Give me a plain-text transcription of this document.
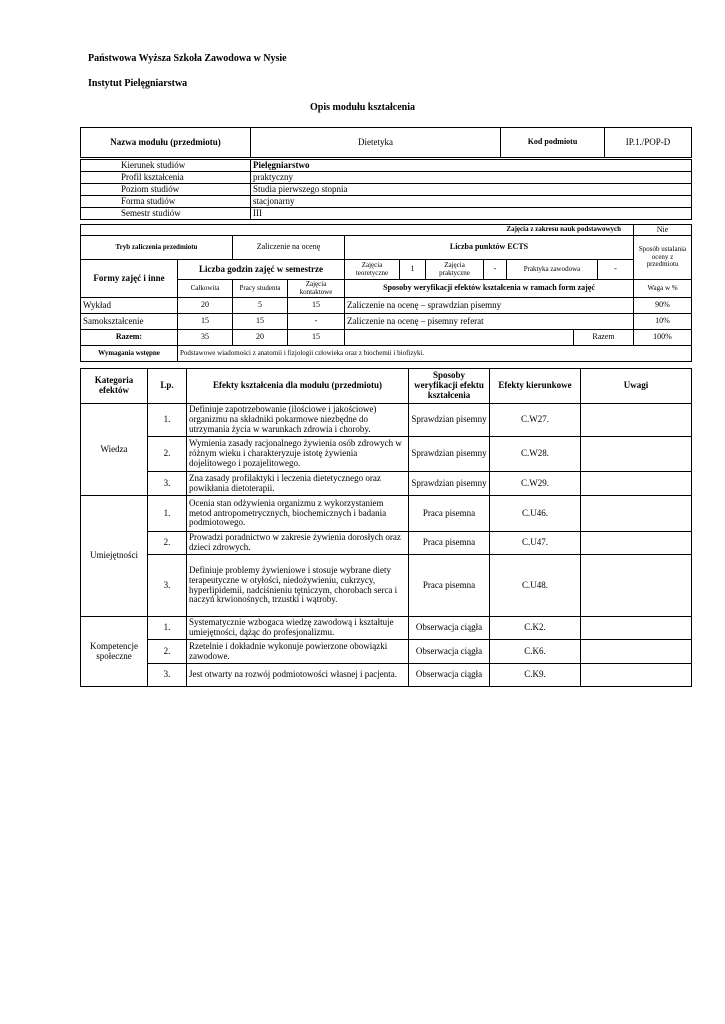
Państwowa Wyższa Szkoła Zawodowa w Nysie
Instytut Pielęgniarstwa
Opis modułu kształcenia
Nazwa modułu (przedmiotu)	Dietetyka	Kod podmiotu	IP.1./POP-D
Kierunek studiów	Pielęgniarstwo
Profil kształcenia	praktyczny
Poziom studiów	Studia pierwszego stopnia
Forma studiów	stacjonarny
Semestr studiów	III
Zajęcia z zakresu nauk podstawowych											Nie
Tryb zaliczenia przedmiotu		Zaliczenie na ocenę		Liczba punktów ECTS							Sposób ustalania oceny z przedmiotu
Formy zajęć i inne	Liczba godzin zajęć w semestrze			Zajęcia teoretyczne	1	Zajęcia praktyczne	-	Praktyka zawodowa		-	
	Całkowita	Pracy studenta	Zajęcia kontaktowe	Sposoby weryfikacji efektów kształcenia w ramach form zajęć							Waga w %
Wykład	20	5	15	Zaliczenie na ocenę – sprawdzian pisemny							90%
Samokształcenie	15	15	-	Zaliczenie na ocenę – pisemny referat							10%
Razem:	35	20	15						Razem		100%
Wymagania wstępne	Podstawowe wiadomości z anatomii i fizjologii człowieka oraz z biochemii i biofizyki.										
Kategoria efektów	Lp.	Efekty kształcenia dla modułu (przedmiotu)	Sposoby weryfikacji efektu kształcenia	Efekty kierunkowe	Uwagi
Wiedza	1.	Definiuje zapotrzebowanie (ilościowe i jakościowe) organizmu na składniki pokarmowe niezbędne do utrzymania życia w warunkach zdrowia i choroby.	Sprawdzian pisemny	C.W27.	
	2.	Wymienia zasady racjonalnego żywienia osób zdrowych w różnym wieku i charakteryzuje istotę żywienia dojelitowego i pozajelitowego.	Sprawdzian pisemny	C.W28.	
	3.	Zna zasady profilaktyki i leczenia dietetycznego oraz powikłania dietoterapii.	Sprawdzian pisemny	C.W29.	
Umiejętności	1.	Ocenia stan odżywienia organizmu z wykorzystaniem metod antropometrycznych, biochemicznych i badania podmiotowego.	Praca pisemna	C.U46.	
	2.	Prowadzi poradnictwo w zakresie żywienia dorosłych oraz dzieci zdrowych.	Praca pisemna	C.U47.	
	3.	Definiuje problemy żywieniowe i stosuje wybrane diety terapeutyczne w otyłości, niedożywieniu, cukrzycy, hyperlipidemii, nadciśnieniu tętniczym, chorobach serca i naczyń krwionośnych, trzustki i wątroby.	Praca pisemna	C.U48.	
Kompetencje społeczne	1.	Systematycznie wzbogaca wiedzę zawodową i kształtuje umiejętności, dążąc do profesjonalizmu.	Obserwacja ciągła	C.K2.	
	2.	Rzetelnie i dokładnie wykonuje powierzone obowiązki zawodowe.	Obserwacja ciągła	C.K6.	
	3.	Jest otwarty na rozwój podmiotowości własnej i pacjenta.	Obserwacja ciągła	C.K9.	
